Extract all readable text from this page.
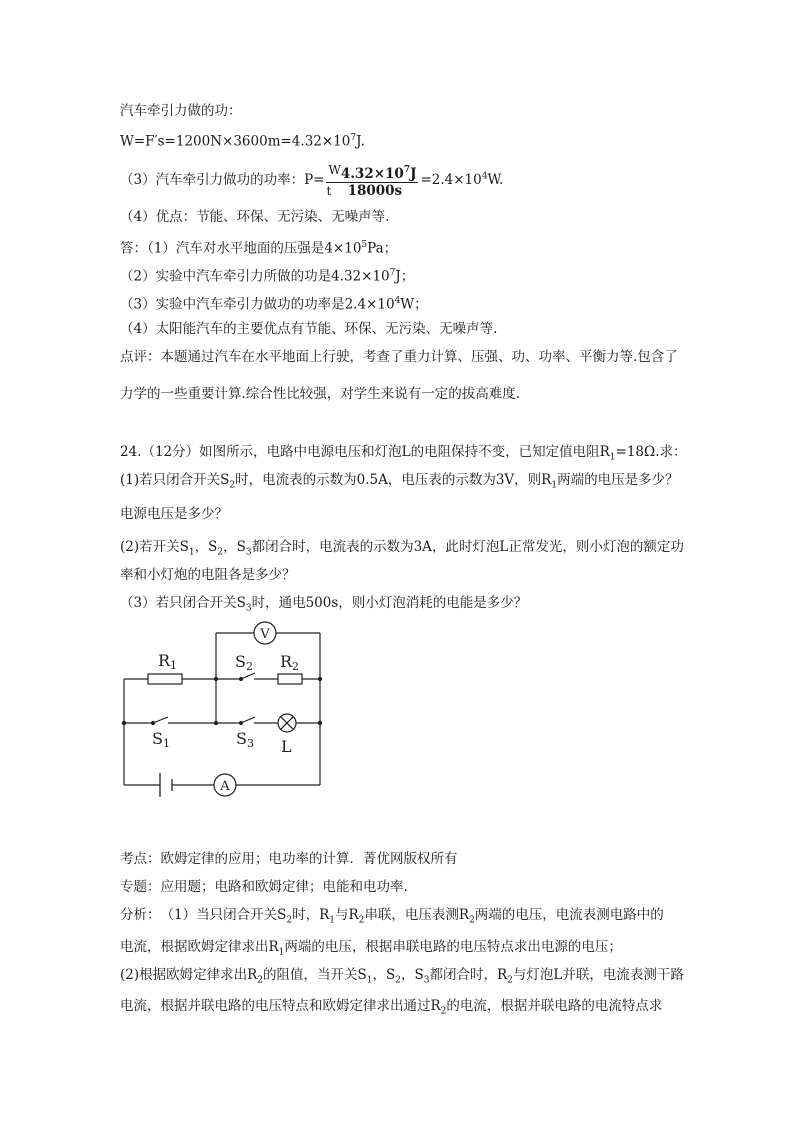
汽车牵引力做的功：
$W=F's=1200N\times 3600m=4.32\times 10^7J$.
（3）汽车牵引力做功的功率：$P= \frac{W 4.32\times 10^7J}{t 18000s} =2.4\times 10^4W$.
（4）优点：节能、环保、无污染、无噪声等.
答：（1）汽车对水平地面的压强是$4\times 10^5Pa$；
（2）实验中汽车牵引力所做的功是$4.32\times 10^7J$；
（3）实验中汽车牵引力做功的功率是$2.4\times 10^4W$；
（4）太阳能汽车的主要优点有节能、环保、无污染、无噪声等.
点评：本题通过汽车在水平地面上行驶，考查了重力计算、压强、功、功率、平衡力等.包含了
力学的一些重要计算.综合性比较强，对学生来说有一定的拔高难度.
24.（12分）如图所示，电路中电源电压和灯泡L的电阻保持不变，已知定值电阻$R_1=18\Omega$.求：
(1)若只闭合开关$S_2$时，电流表的示数为0.5A，电压表的示数为3V，则$R_1$两端的电压是多少？
电源电压是多少？
(2)若开关$S_1$，$S_2$，$S_3$都闭合时，电流表的示数为3A，此时灯泡L正常发光，则小灯泡的额定功
率和小灯炮的电阻各是多少？
（3）若只闭合开关$S_3$时，通电500s，则小灯泡消耗的电能是多少？
V
R1	S2 R2
S1	S3 L
A
考点：欧姆定律的应用；电功率的计算．菁优网版权所有
专题：应用题；电路和欧姆定律；电能和电功率.
分析：　（1）当只闭合开关$S_2$时，$R_1$与$R_2$串联，电压表测$R_2$两端的电压，电流表测电路中的
电流，根据欧姆定律求出$R_1$两端的电压，根据串联电路的电压特点求出电源的电压；
(2)根据欧姆定律求出$R_2$的阻值，当开关$S_1$，$S_2$，$S_3$都闭合时，$R_2$与灯泡L并联，电流表测干路
电流，根据并联电路的电压特点和欧姆定律求出通过$R_2$的电流，根据并联电路的电流特点求
